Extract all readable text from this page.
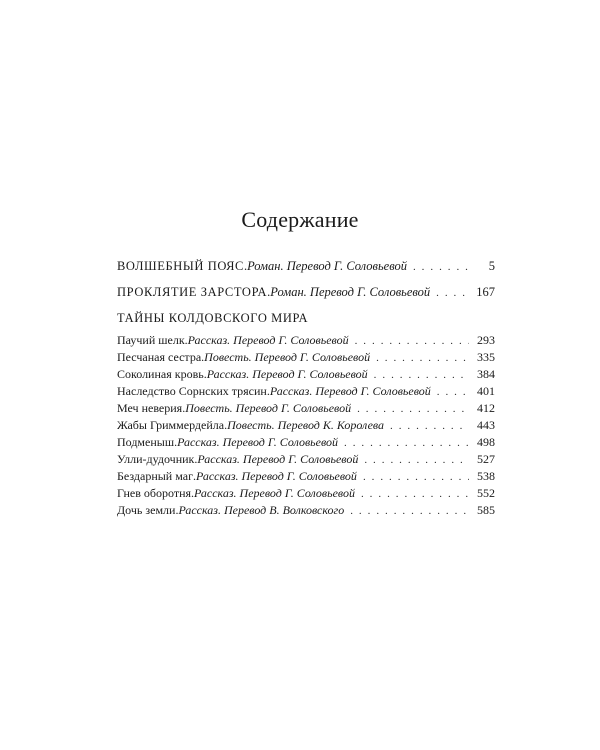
Содержание
ВОЛШЕБНЫЙ ПОЯС . Роман. Перевод Г. Соловьевой . . .	5
ПРОКЛЯТИЕ ЗАРСТОРА . Роман. Перевод Г. Соловьевой . . .	167
ТАЙНЫ КОЛДОВСКОГО МИРА
Паучий шелк . Рассказ. Перевод Г. Соловьевой . . .	293
Песчаная сестра . Повесть. Перевод Г. Соловьевой . . .	335
Соколиная кровь . Рассказ. Перевод Г. Соловьевой . . .	384
Наследство Сорнских трясин . Рассказ. Перевод Г. Соловьевой . . .	401
Меч неверия . Повесть. Перевод Г. Соловьевой . . .	412
Жабы Гриммердейла . Повесть. Перевод К. Королева . . .	443
Подменыш . Рассказ. Перевод Г. Соловьевой . . .	498
Улли-дудочник . Рассказ. Перевод Г. Соловьевой . . .	527
Бездарный маг . Рассказ. Перевод Г. Соловьевой . . .	538
Гнев оборотня . Рассказ. Перевод Г. Соловьевой . . .	552
Дочь земли . Рассказ. Перевод В. Волковского . . .	585
